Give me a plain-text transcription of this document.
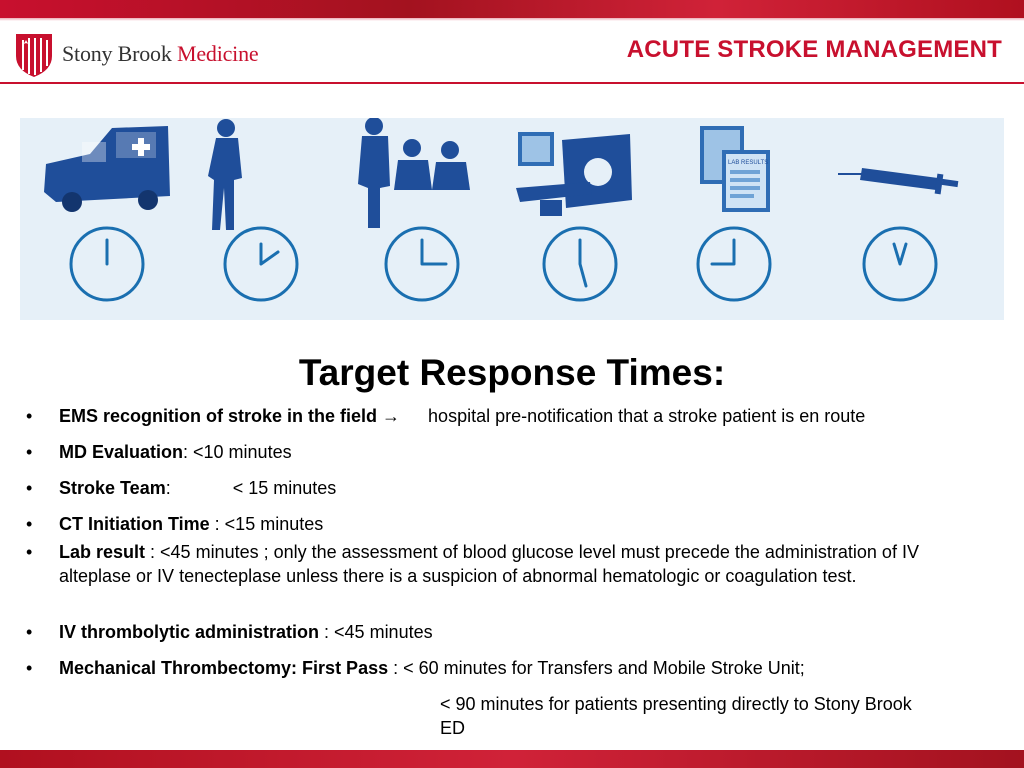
Stony Brook Medicine	ACUTE STROKE MANAGEMENT
LAB RESULTS
Target Response Times:
•	EMS recognition of stroke in the field → hospital pre-notification that a stroke patient is en route
•	MD Evaluation: <10 minutes
•	Stroke Team:	< 15 minutes
•	CT Initiation Time : <15 minutes
•	Lab result : <45 minutes ; only the assessment of blood glucose level must precede the administration of IV alteplase or IV tenecteplase unless there is a suspicion of abnormal hematologic or coagulation test.
•	IV thrombolytic administration : <45 minutes
•	Mechanical Thrombectomy: First Pass : < 60 minutes for Transfers and Mobile Stroke Unit;
< 90 minutes for patients presenting directly to Stony Brook ED
